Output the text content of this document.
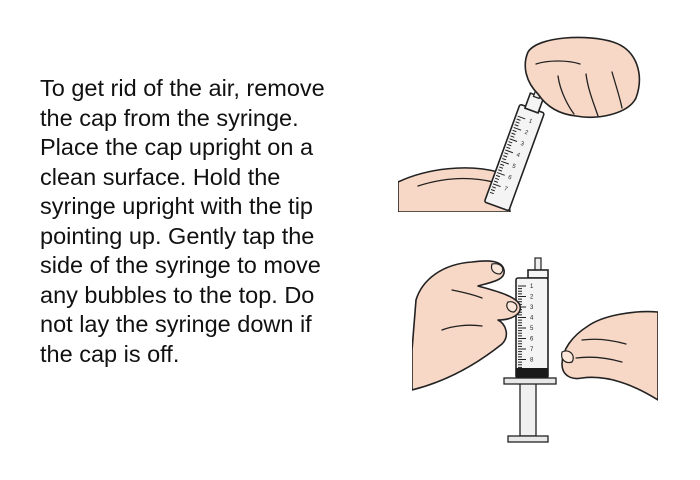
To get rid of the air, remove
the cap from the syringe.
Place the cap upright on a
clean surface. Hold the
syringe upright with the tip
pointing up. Gently tap the
side of the syringe to move
any bubbles to the top. Do
not lay the syringe down if
the cap is off.

1
2
3
4
5
6
7
1
2
3
4
5
6
7
8
